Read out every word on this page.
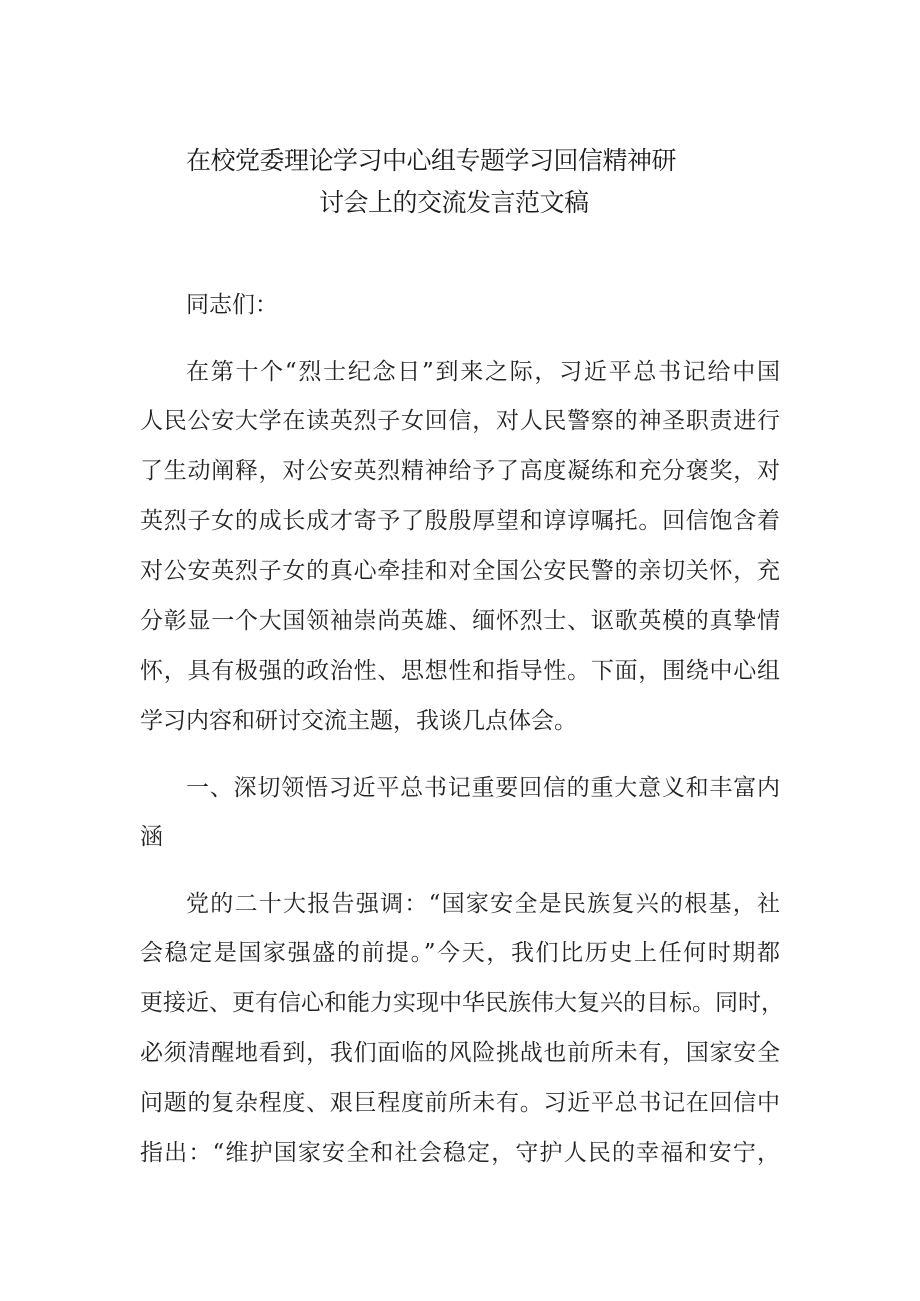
在校党委理论学习中心组专题学习回信精神研
讨会上的交流发言范文稿
同志们：
在第十个“烈士纪念日”到来之际，习近平总书记给中国
人民公安大学在读英烈子女回信，对人民警察的神圣职责进行
了生动阐释，对公安英烈精神给予了高度凝练和充分褒奖，对
英烈子女的成长成才寄予了殷殷厚望和谆谆嘱托。回信饱含着
对公安英烈子女的真心牵挂和对全国公安民警的亲切关怀，充
分彰显一个大国领袖崇尚英雄、缅怀烈士、讴歌英模的真挚情
怀，具有极强的政治性、思想性和指导性。下面，围绕中心组
学习内容和研讨交流主题，我谈几点体会。
一、深切领悟习近平总书记重要回信的重大意义和丰富内
涵
党的二十大报告强调：“国家安全是民族复兴的根基，社
会稳定是国家强盛的前提。”今天，我们比历史上任何时期都
更接近、更有信心和能力实现中华民族伟大复兴的目标。同时，
必须清醒地看到，我们面临的风险挑战也前所未有，国家安全
问题的复杂程度、艰巨程度前所未有。习近平总书记在回信中
指出：“维护国家安全和社会稳定，守护人民的幸福和安宁，
